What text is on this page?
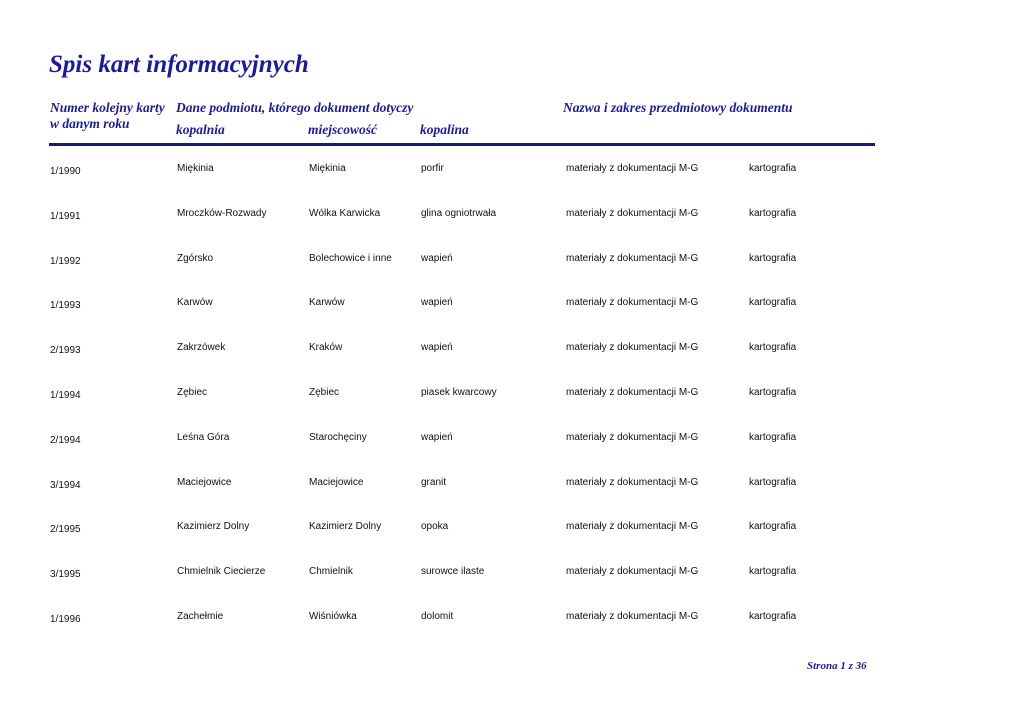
Spis kart informacyjnych
Numer kolejny karty
w danym roku
Dane podmiotu, którego dokument dotyczy
kopalnia	miejscowość	kopalina
Nazwa i zakres przedmiotowy dokumentu
1/1990	Miękinia	Miękinia	porfir	materiały z dokumentacji M-G	kartografia
1/1991	Mroczków-Rozwady	Wólka Karwicka	glina ogniotrwała	materiały z dokumentacji M-G	kartografia
1/1992	Zgórsko	Bolechowice i inne	wapień	materiały z dokumentacji M-G	kartografia
1/1993	Karwów	Karwów	wapień	materiały z dokumentacji M-G	kartografia
2/1993	Zakrzówek	Kraków	wapień	materiały z dokumentacji M-G	kartografia
1/1994	Zębiec	Zębiec	piasek kwarcowy	materiały z dokumentacji M-G	kartografia
2/1994	Leśna Góra	Starochęciny	wapień	materiały z dokumentacji M-G	kartografia
3/1994	Maciejowice	Maciejowice	granit	materiały z dokumentacji M-G	kartografia
2/1995	Kazimierz Dolny	Kazimierz Dolny	opoka	materiały z dokumentacji M-G	kartografia
3/1995	Chmielnik Ciecierze	Chmielnik	surowce ilaste	materiały z dokumentacji M-G	kartografia
1/1996	Zachełmie	Wiśniówka	dolomit	materiały z dokumentacji M-G	kartografia
Strona 1 z 36
